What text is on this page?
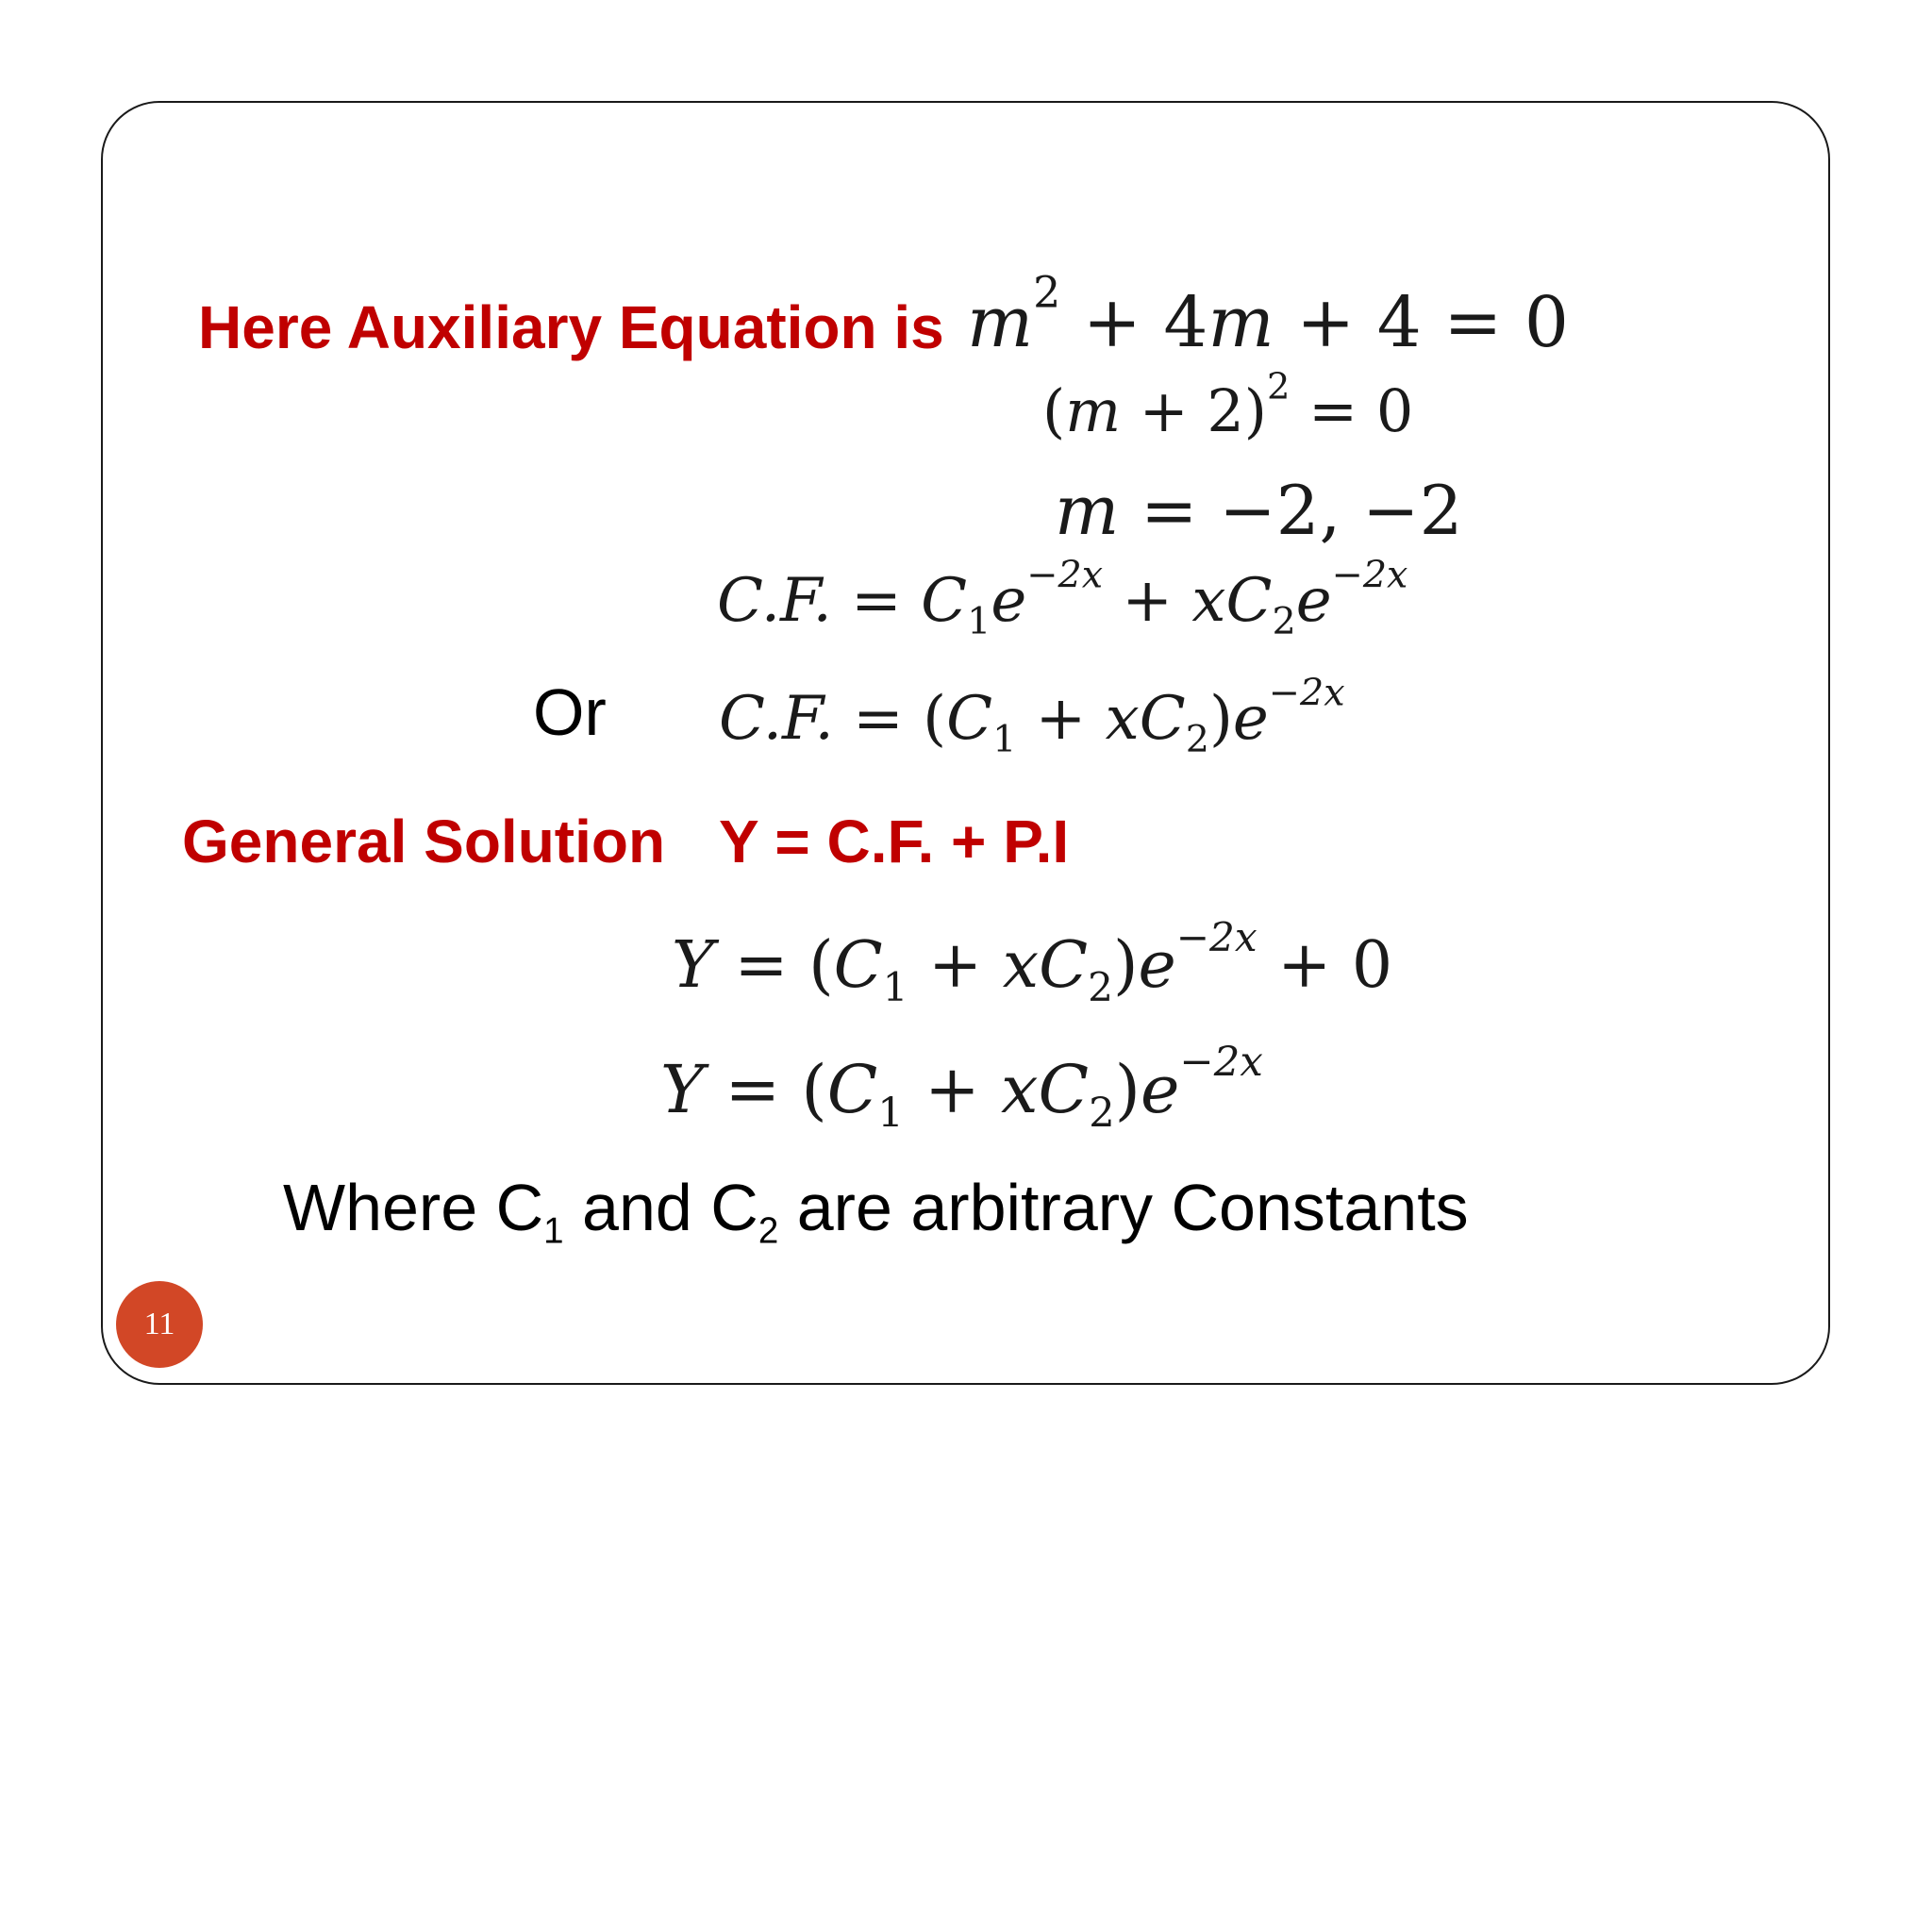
Here Auxiliary Equation is $m^2 + 4m + 4 = 0$
$(m + 2)^2 = 0$
m = −2, −2
C.F. = $C_1e^{-2x} + xC_2e^{-2x}$
Or C.F. = $(C_1 + xC_2)e^{-2x}$
General Solution Y = C.F. + P.I
$Y = (C_1 + xC_2)e^{-2x} + 0$
$Y = (C_1 + xC_2)e^{-2x}$
Where $C_1$ and $C_2$ are arbitrary Constants
11
